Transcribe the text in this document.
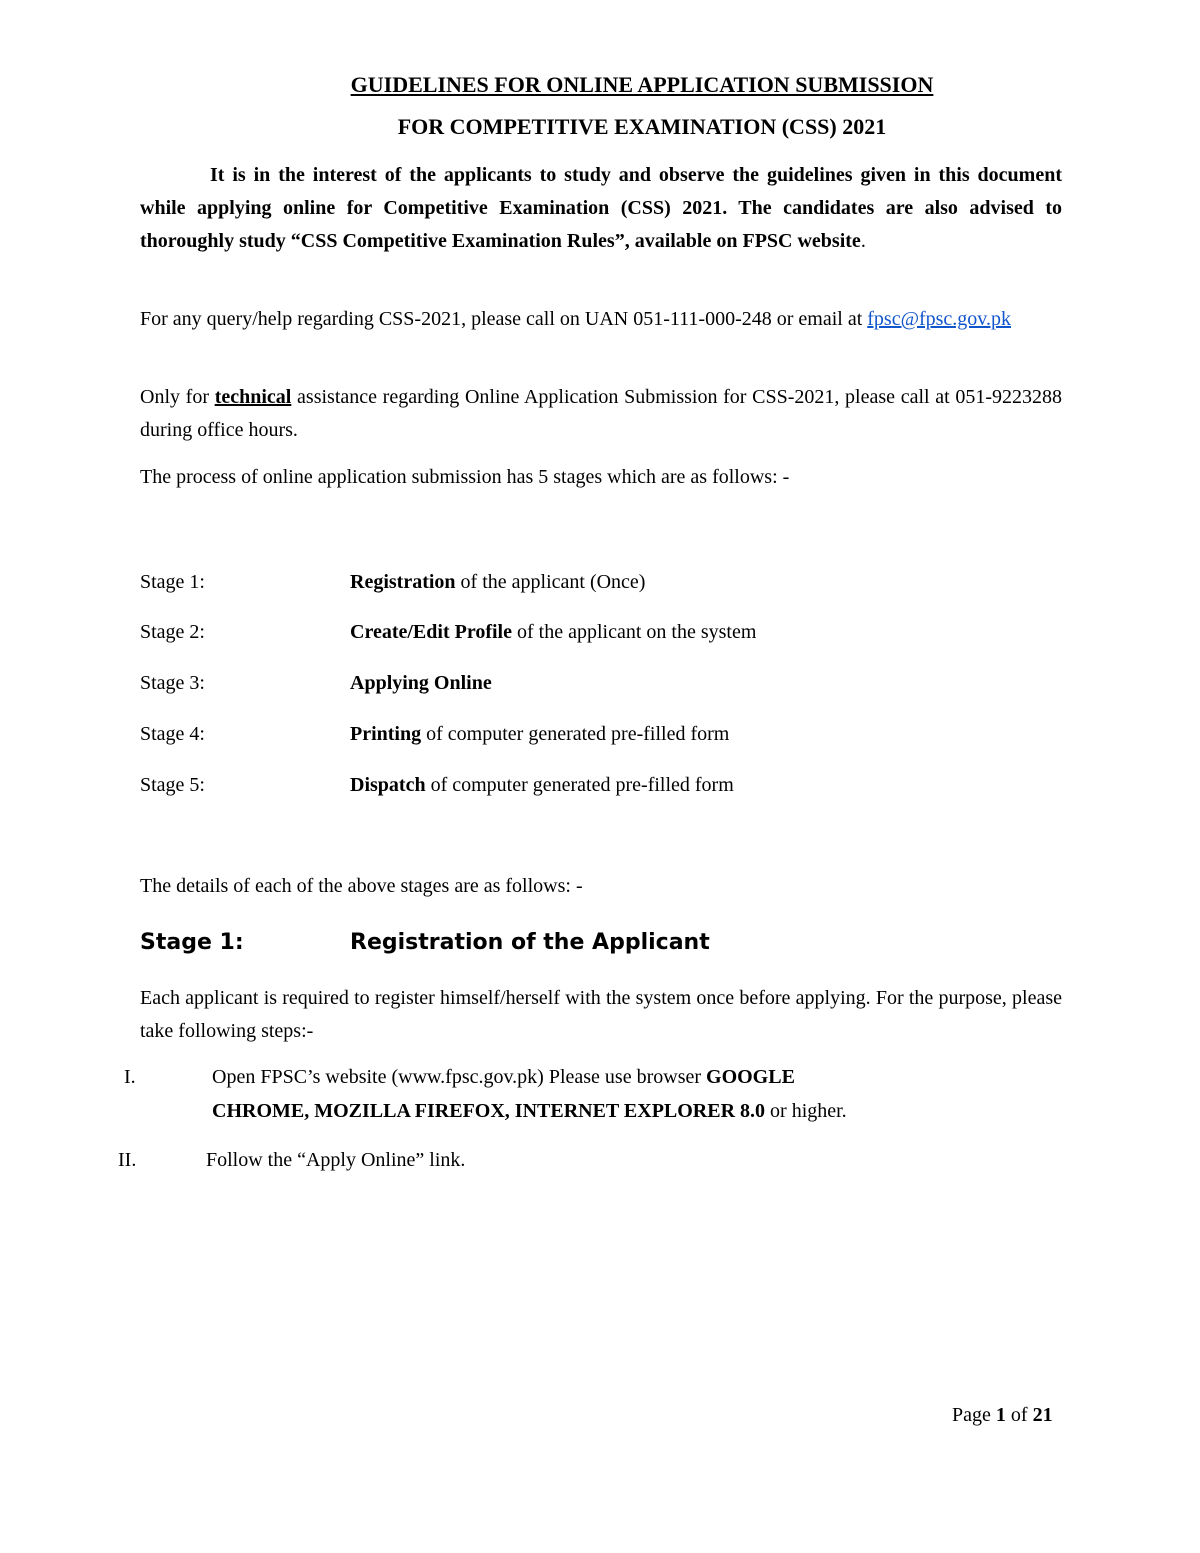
GUIDELINES FOR ONLINE APPLICATION SUBMISSION
FOR COMPETITIVE EXAMINATION (CSS) 2021
It is in the interest of the applicants to study and observe the guidelines given in this document while applying online for Competitive Examination (CSS) 2021. The candidates are also advised to thoroughly study “CSS Competitive Examination Rules”, available on FPSC website.
For any query/help regarding CSS-2021, please call on UAN 051-111-000-248 or email at fpsc@fpsc.gov.pk
Only for technical assistance regarding Online Application Submission for CSS-2021, please call at 051-9223288 during office hours.
The process of online application submission has 5 stages which are as follows: -
Stage 1:	Registration of the applicant (Once)
Stage 2:	Create/Edit Profile of the applicant on the system
Stage 3:	Applying Online
Stage 4:	Printing of computer generated pre-filled form
Stage 5:	Dispatch of computer generated pre-filled form
The details of each of the above stages are as follows: -
Stage 1:	Registration of the Applicant
Each applicant is required to register himself/herself with the system once before applying. For the purpose, please take following steps:-
I.	Open FPSC’s website (www.fpsc.gov.pk) Please use browser GOOGLE
CHROME, MOZILLA FIREFOX, INTERNET EXPLORER 8.0 or higher.
II.	Follow the “Apply Online” link.
Page 1 of 21
